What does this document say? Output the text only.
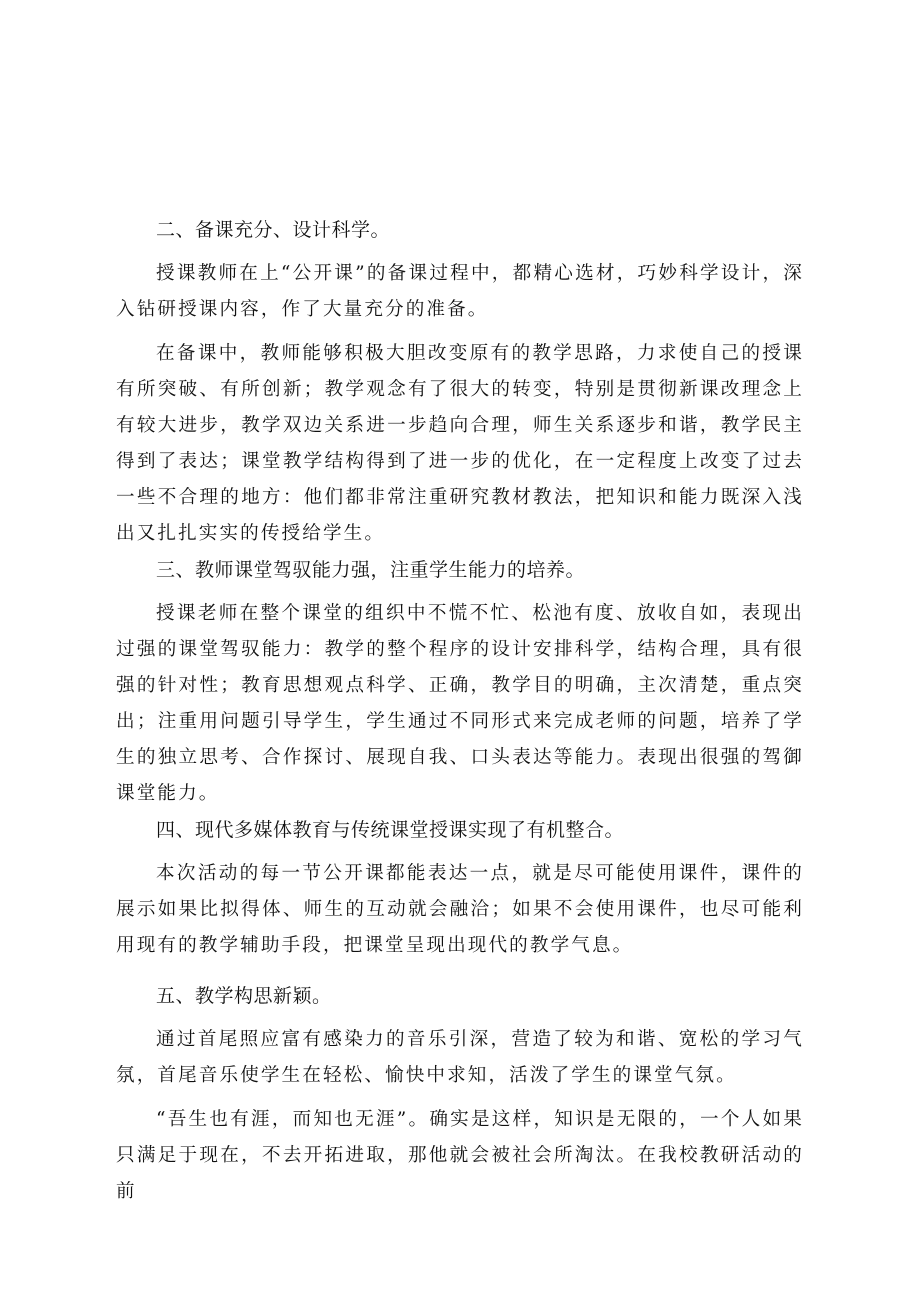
二、备课充分、设计科学。

授课教师在上“公开课”的备课过程中，都精心选材，巧妙科学设计，深入钻研授课内容，作了大量充分的准备。

在备课中，教师能够积极大胆改变原有的教学思路，力求使自己的授课有所突破、有所创新；教学观念有了很大的转变，特别是贯彻新课改理念上有较大进步，教学双边关系进一步趋向合理，师生关系逐步和谐，教学民主得到了表达；课堂教学结构得到了进一步的优化，在一定程度上改变了过去一些不合理的地方：他们都非常注重研究教材教法，把知识和能力既深入浅出又扎扎实实的传授给学生。

三、教师课堂驾驭能力强，注重学生能力的培养。

授课老师在整个课堂的组织中不慌不忙、松池有度、放收自如，表现出过强的课堂驾驭能力：教学的整个程序的设计安排科学，结构合理，具有很强的针对性；教育思想观点科学、正确，教学目的明确，主次清楚，重点突出；注重用问题引导学生，学生通过不同形式来完成老师的问题，培养了学生的独立思考、合作探讨、展现自我、口头表达等能力。表现出很强的驾御课堂能力。

四、现代多媒体教育与传统课堂授课实现了有机整合。

本次活动的每一节公开课都能表达一点，就是尽可能使用课件，课件的展示如果比拟得体、师生的互动就会融洽；如果不会使用课件，也尽可能利用现有的教学辅助手段，把课堂呈现出现代的教学气息。

五、教学构思新颖。

通过首尾照应富有感染力的音乐引深，营造了较为和谐、宽松的学习气氛，首尾音乐使学生在轻松、愉快中求知，活泼了学生的课堂气氛。

“吾生也有涯，而知也无涯”。确实是这样，知识是无限的，一个人如果只满足于现在，不去开拓进取，那他就会被社会所淘汰。在我校教研活动的前
